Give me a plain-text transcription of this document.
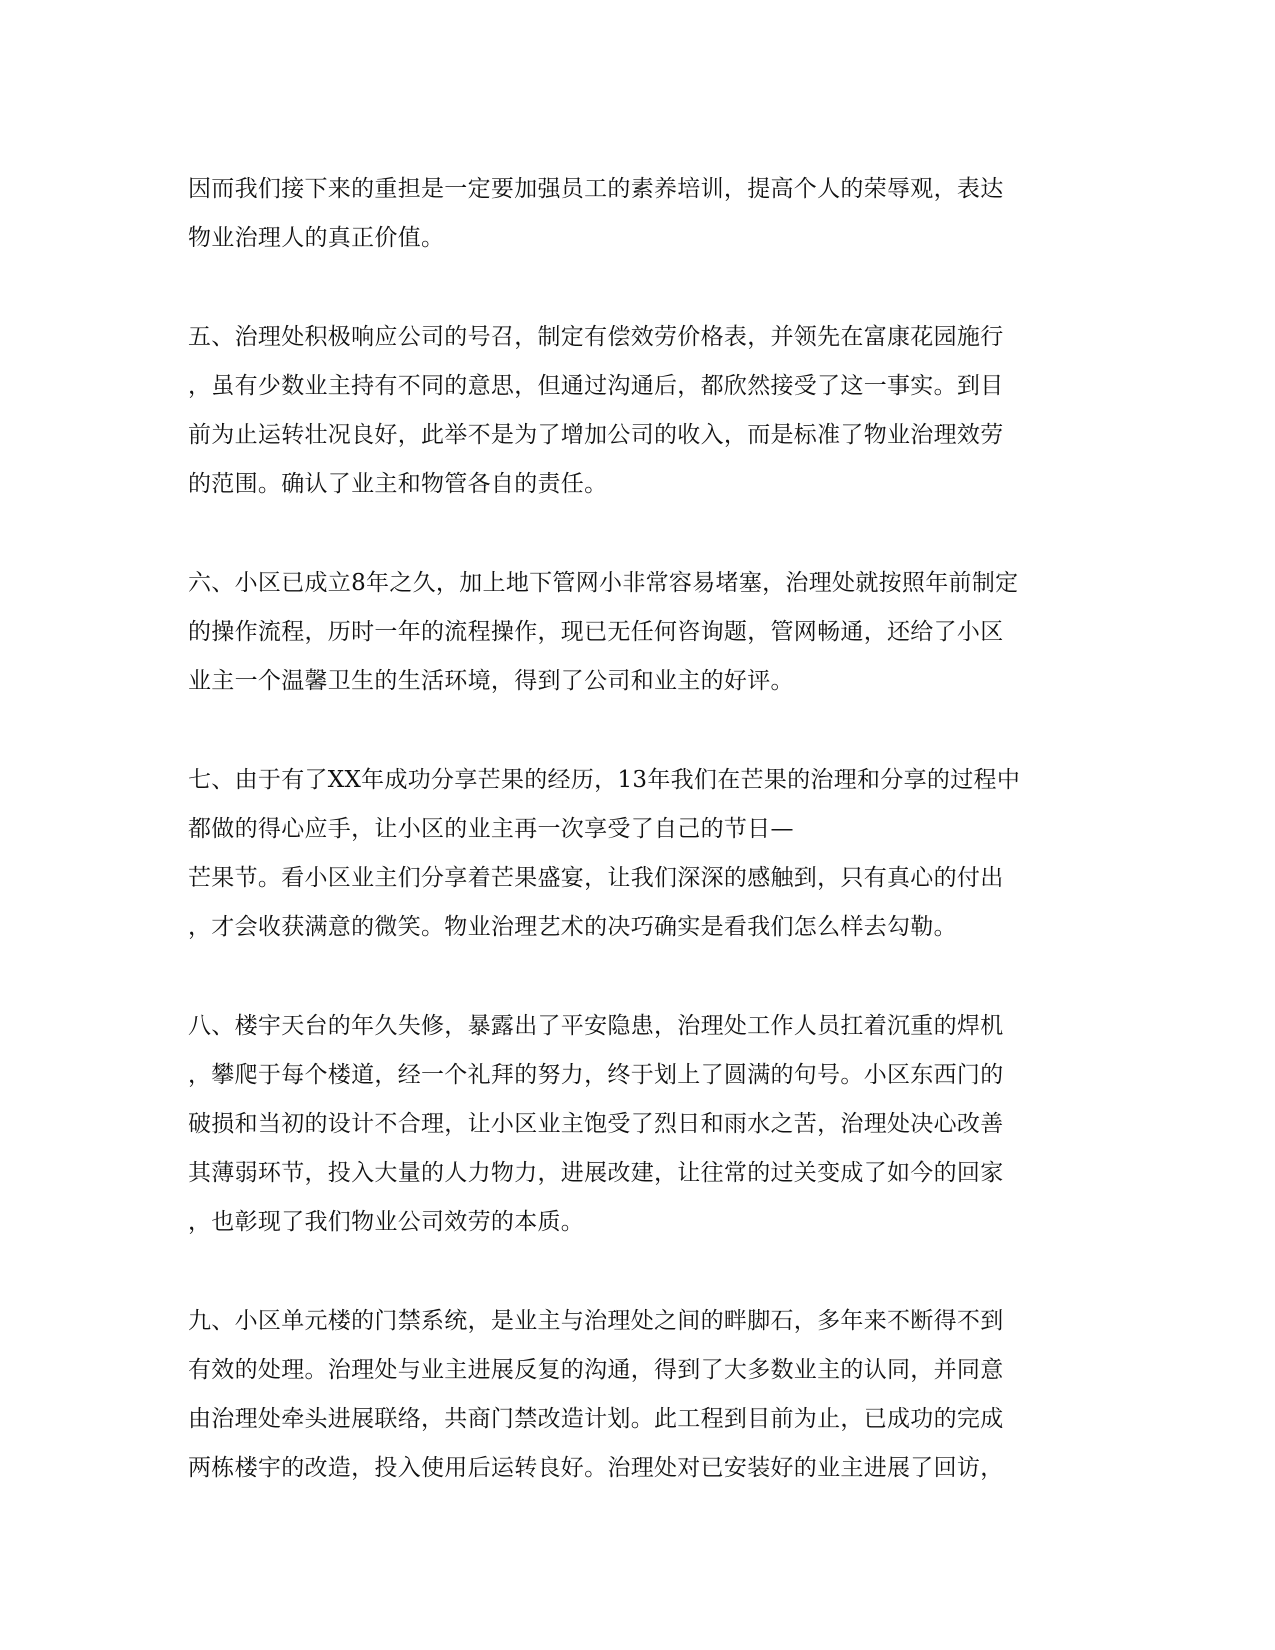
因而我们接下来的重担是一定要加强员工的素养培训，提高个人的荣辱观，表达
物业治理人的真正价值。
五、治理处积极响应公司的号召，制定有偿效劳价格表，并领先在富康花园施行
，虽有少数业主持有不同的意思，但通过沟通后，都欣然接受了这一事实。到目
前为止运转壮况良好，此举不是为了增加公司的收入，而是标准了物业治理效劳
的范围。确认了业主和物管各自的责任。
六、小区已成立8年之久，加上地下管网小非常容易堵塞，治理处就按照年前制定
的操作流程，历时一年的流程操作，现已无任何咨询题，管网畅通，还给了小区
业主一个温馨卫生的生活环境，得到了公司和业主的好评。
七、由于有了XX年成功分享芒果的经历，13年我们在芒果的治理和分享的过程中
都做的得心应手，让小区的业主再一次享受了自己的节日—
芒果节。看小区业主们分享着芒果盛宴，让我们深深的感触到，只有真心的付出
，才会收获满意的微笑。物业治理艺术的决巧确实是看我们怎么样去勾勒。
八、楼宇天台的年久失修，暴露出了平安隐患，治理处工作人员扛着沉重的焊机
，攀爬于每个楼道，经一个礼拜的努力，终于划上了圆满的句号。小区东西门的
破损和当初的设计不合理，让小区业主饱受了烈日和雨水之苦，治理处决心改善
其薄弱环节，投入大量的人力物力，进展改建，让往常的过关变成了如今的回家
，也彰现了我们物业公司效劳的本质。
九、小区单元楼的门禁系统，是业主与治理处之间的畔脚石，多年来不断得不到
有效的处理。治理处与业主进展反复的沟通，得到了大多数业主的认同，并同意
由治理处牵头进展联络，共商门禁改造计划。此工程到目前为止，已成功的完成
两栋楼宇的改造，投入使用后运转良好。治理处对已安装好的业主进展了回访，
